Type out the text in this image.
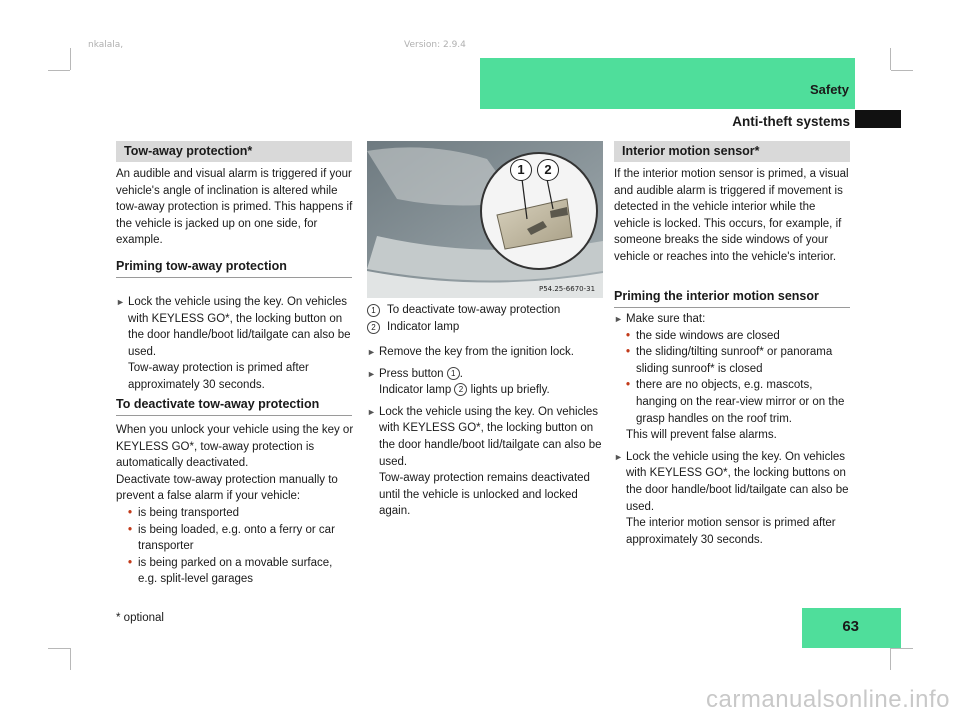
nkalala,	Version: 2.9.4
Safety
Anti-theft systems
Tow-away protection*
An audible and visual alarm is triggered if your vehicle's angle of inclination is altered while tow-away protection is primed. This happens if the vehicle is jacked up on one side, for example.
Priming tow-away protection
► Lock the vehicle using the key. On vehicles with KEYLESS GO*, the locking button on the door handle/boot lid/tailgate can also be used.
Tow-away protection is primed after approximately 30 seconds.
To deactivate tow-away protection
When you unlock your vehicle using the key or KEYLESS GO*, tow-away protection is automatically deactivated.
Deactivate tow-away protection manually to prevent a false alarm if your vehicle:
• is being transported
• is being loaded, e.g. onto a ferry or car transporter
• is being parked on a movable surface, e.g. split-level garages
P54.25-6670-31
1	2
1 To deactivate tow-away protection
2 Indicator lamp
► Remove the key from the ignition lock.
► Press button 1 .
Indicator lamp 2 lights up briefly.
► Lock the vehicle using the key. On vehicles with KEYLESS GO*, the locking button on the door handle/boot lid/tailgate can also be used.
Tow-away protection remains deactivated until the vehicle is unlocked and locked again.
Interior motion sensor*
If the interior motion sensor is primed, a visual and audible alarm is triggered if movement is detected in the vehicle interior while the vehicle is locked. This occurs, for example, if someone breaks the side windows of your vehicle or reaches into the vehicle's interior.
Priming the interior motion sensor
► Make sure that:
• the side windows are closed
• the sliding/tilting sunroof* or panorama sliding sunroof* is closed
• there are no objects, e.g. mascots, hanging on the rear-view mirror or on the grasp handles on the roof trim.
This will prevent false alarms.
► Lock the vehicle using the key. On vehicles with KEYLESS GO*, the locking buttons on the door handle/boot lid/tailgate can also be used.
The interior motion sensor is primed after approximately 30 seconds.
* optional	63
carmanualsonline.info
